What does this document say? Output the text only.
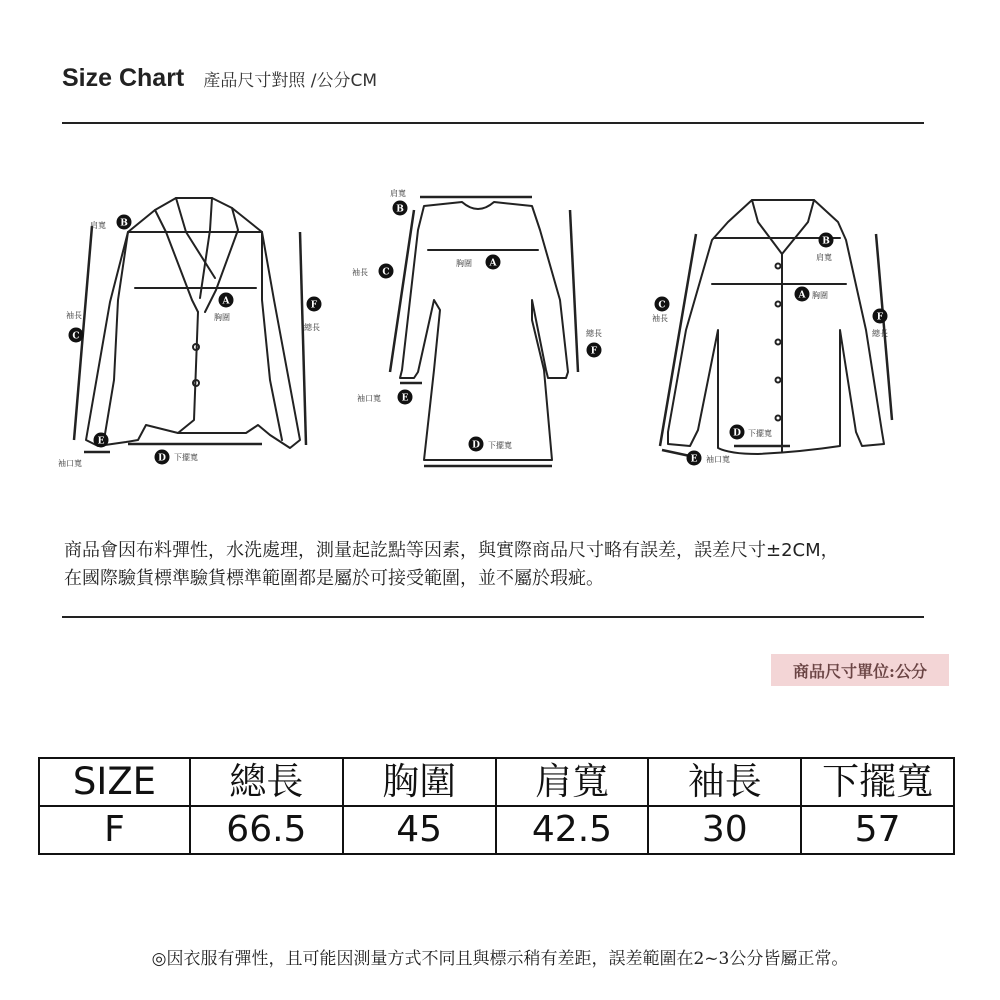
Size Chart 產品尺寸對照 /公分CM
肩寬 B
袖長
C
A
胸圍
F
總長
E
袖口寬	D 下擺寬
肩寬
B
袖長 C
胸圍 A
總長
F
袖口寬 E
D 下擺寬
B
肩寬
C
袖長
A 胸圍
F
總長
D 下擺寬
E 袖口寬
商品會因布料彈性，水洗處理，測量起訖點等因素，與實際商品尺寸略有誤差，誤差尺寸±2CM，
在國際驗貨標準驗貨標準範圍都是屬於可接受範圍，並不屬於瑕疵。
商品尺寸單位:公分
SIZE	總長	胸圍	肩寬	袖長	下擺寬
F	66.5	45	42.5	30	57
◎因衣服有彈性，且可能因測量方式不同且與標示稍有差距，誤差範圍在2~3公分皆屬正常。
